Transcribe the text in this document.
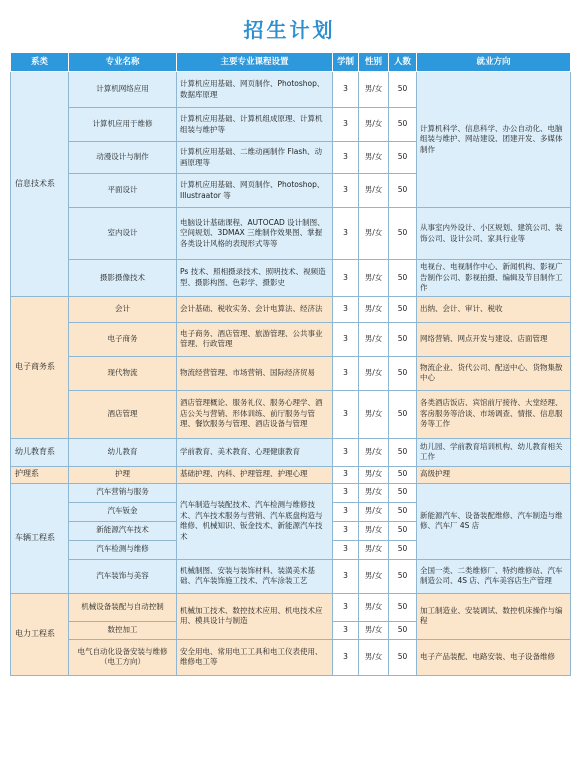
招生计划
系类	专业名称	主要专业课程设置	学制	性别	人数	就业方向
信息技术系	计算机网络应用	计算机应用基础、网页制作、Photoshop、数据库原理	3	男/女	50	计算机科学、信息科学、办公自动化、电脑组装与维护、网站建设、团建开发、多媒体制作
	计算机应用于维修	计算机应用基础、计算机组成原理、计算机组装与维护等	3	男/女	50	
	动漫设计与制作	计算机应用基础、二维动画制作 Flash、动画原理等	3	男/女	50	
	平面设计	计算机应用基础、网页制作、Photoshop、Illustraator 等	3	男/女	50	
	室内设计	电脑设计基础课程、AUTOCAD 设计制图、空间规划、3DMAX 三维制作效果图、掌握各类设计风格的表现形式等等	3	男/女	50	从事室内外设计、小区规划、建筑公司、装饰公司、设计公司、家具行业等
	摄影摄像技术	Ps 技术、照相摄录技术、照明技术、视频造型、摄影构图、色彩学、摄影史	3	男/女	50	电视台、电视制作中心、新闻机构、影视广告制作公司、影视拍摄、编辑及节目制作工作
电子商务系	会计	会计基础、税收实务、会计电算法、经济法	3	男/女	50	出纳、会计、审计、税收
	电子商务	电子商务、酒店管理、旅游管理、公共事业管理、行政管理	3	男/女	50	网络营销、网点开发与建设、店面管理
	现代物流	物流经营管理、市场营销、国际经济贸易	3	男/女	50	物流企业、货代公司、配送中心、货物集散中心
	酒店管理	酒店管理概论、服务礼仪、服务心理学、酒店公关与营销、形体训练、前厅服务与管理、餐饮服务与管理、酒店设备与管理	3	男/女	50	各类酒店饭店、宾馆前厅接待、大堂经理、客房服务等洽谈、市场调查、情报、信息服务等工作
幼儿教育系	幼儿教育	学前教育、美术教育、心理健康教育	3	男/女	50	幼儿园、学前教育培训机构、幼儿教育相关工作
护理系	护理	基础护理、内科、护理管理、护理心理	3	男/女	50	高级护理
车辆工程系	汽车营销与服务	汽车制造与装配技术、汽车检测与维修技术、汽车技术服务与营销、汽车底盘构造与维修、机械知识、钣金技术、新能源汽车技术	3	男/女	50	新能源汽车、设备装配维修、汽车制造与维修、汽车厂 4S 店
	汽车钣金		3	男/女	50	
	新能源汽车技术		3	男/女	50	
	汽车检测与维修		3	男/女	50	
	汽车装饰与美容	机械制图、安装与装饰材料、装潢美术基础、汽车装饰施工技术、汽车涂装工艺	3	男/女	50	全国一类、二类维修厂、特约维修站、汽车制造公司、4S 店、汽车美容店生产管理
电力工程系	机械设备装配与自动控制	机械加工技术、数控技术应用、机电技术应用、模具设计与制造	3	男/女	50	加工制造业、安装调试、数控机床操作与编程
	数控加工		3	男/女	50	
	电气自动化设备安装与维修（电工方向）	安全用电、常用电工工具和电工仪表使用、维修电工等	3	男/女	50	电子产品装配、电路安装、电子设备维修
